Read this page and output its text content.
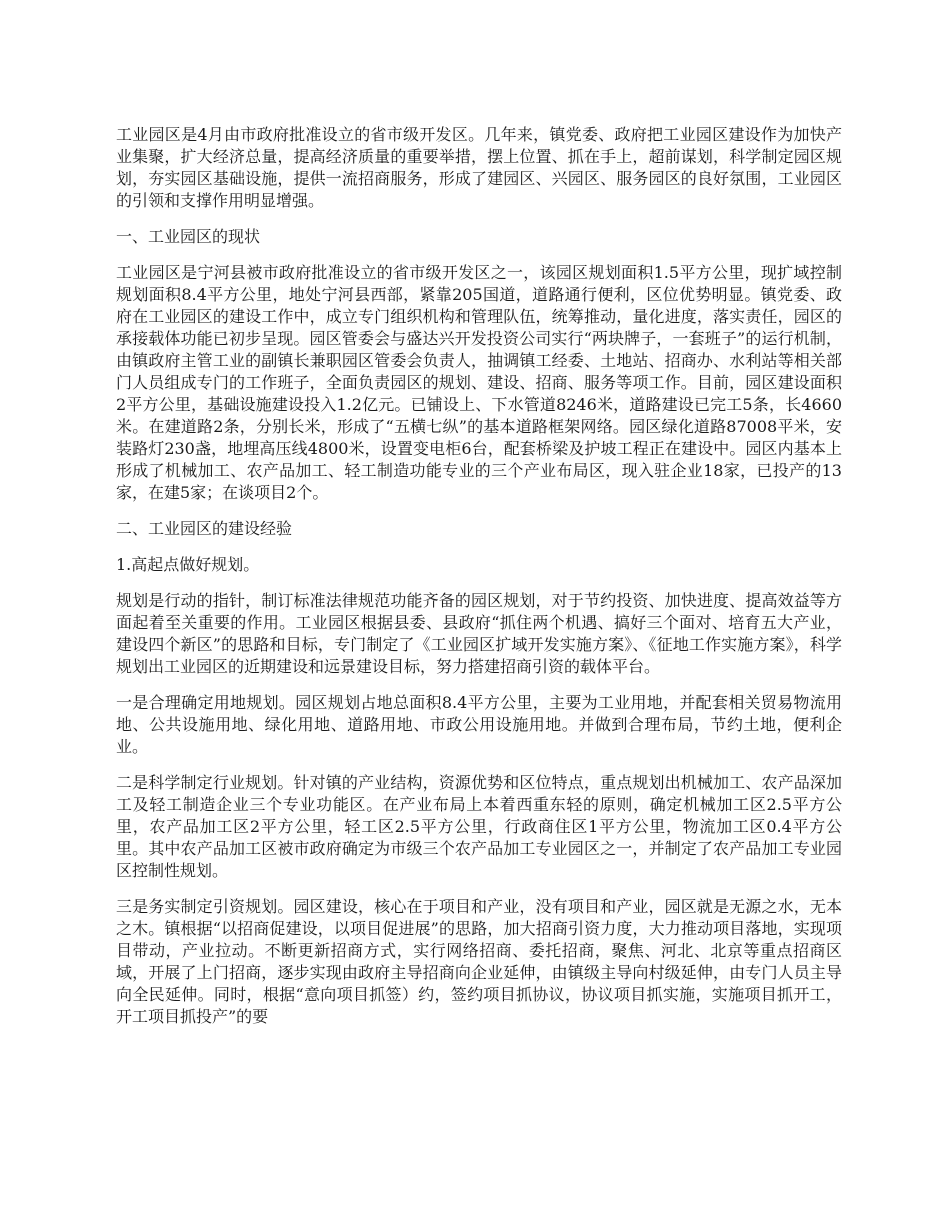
工业园区是4月由市政府批准设立的省市级开发区。几年来，镇党委、政府把工业园区建设作为加快产业集聚，扩大经济总量，提高经济质量的重要举措，摆上位置、抓在手上，超前谋划，科学制定园区规划，夯实园区基础设施，提供一流招商服务，形成了建园区、兴园区、服务园区的良好氛围，工业园区的引领和支撑作用明显增强。

一、工业园区的现状

工业园区是宁河县被市政府批准设立的省市级开发区之一，该园区规划面积1.5平方公里，现扩域控制规划面积8.4平方公里，地处宁河县西部，紧靠205国道，道路通行便利，区位优势明显。镇党委、政府在工业园区的建设工作中，成立专门组织机构和管理队伍，统筹推动，量化进度，落实责任，园区的承接载体功能已初步呈现。园区管委会与盛达兴开发投资公司实行“两块牌子，一套班子”的运行机制，由镇政府主管工业的副镇长兼职园区管委会负责人，抽调镇工经委、土地站、招商办、水利站等相关部门人员组成专门的工作班子，全面负责园区的规划、建设、招商、服务等项工作。目前，园区建设面积2平方公里，基础设施建设投入1.2亿元。已铺设上、下水管道8246米，道路建设已完工5条，长4660米。在建道路2条，分别长米，形成了“五横七纵”的基本道路框架网络。园区绿化道路87008平米，安装路灯230盏，地埋高压线4800米，设置变电柜6台，配套桥梁及护坡工程正在建设中。园区内基本上形成了机械加工、农产品加工、轻工制造功能专业的三个产业布局区，现入驻企业18家，已投产的13家，在建5家；在谈项目2个。

二、工业园区的建设经验

1.高起点做好规划。

规划是行动的指针，制订标准法律规范功能齐备的园区规划，对于节约投资、加快进度、提高效益等方面起着至关重要的作用。工业园区根据县委、县政府“抓住两个机遇、搞好三个面对、培育五大产业，建设四个新区”的思路和目标，专门制定了《工业园区扩域开发实施方案》、《征地工作实施方案》，科学规划出工业园区的近期建设和远景建设目标，努力搭建招商引资的载体平台。

一是合理确定用地规划。园区规划占地总面积8.4平方公里，主要为工业用地，并配套相关贸易物流用地、公共设施用地、绿化用地、道路用地、市政公用设施用地。并做到合理布局，节约土地，便利企业。

二是科学制定行业规划。针对镇的产业结构，资源优势和区位特点，重点规划出机械加工、农产品深加工及轻工制造企业三个专业功能区。在产业布局上本着西重东轻的原则，确定机械加工区2.5平方公里，农产品加工区2平方公里，轻工区2.5平方公里，行政商住区1平方公里，物流加工区0.4平方公里。其中农产品加工区被市政府确定为市级三个农产品加工专业园区之一，并制定了农产品加工专业园区控制性规划。

三是务实制定引资规划。园区建设，核心在于项目和产业，没有项目和产业，园区就是无源之水，无本之木。镇根据“以招商促建设，以项目促进展”的思路，加大招商引资力度，大力推动项目落地，实现项目带动，产业拉动。不断更新招商方式，实行网络招商、委托招商，聚焦、河北、北京等重点招商区域，开展了上门招商，逐步实现由政府主导招商向企业延伸，由镇级主导向村级延伸，由专门人员主导向全民延伸。同时，根据“意向项目抓签）约，签约项目抓协议，协议项目抓实施，实施项目抓开工，开工项目抓投产”的要
